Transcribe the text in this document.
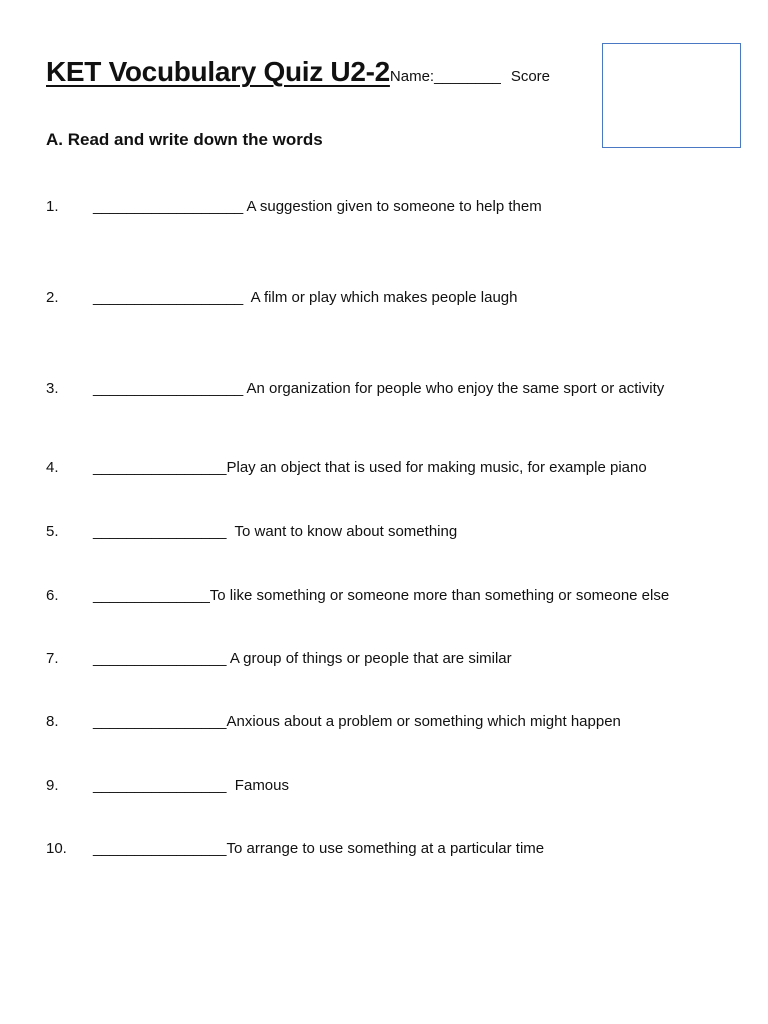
KET Vocubulary Quiz U2-2Name:________ Score
A. Read and write down the words

1.

	__________________ A suggestion given to someone to help them

2.

	__________________  A film or play which makes people laugh

3.

	__________________ An organization for people who enjoy the same sport or activity

4.

	________________Play an object that is used for making music, for example piano

5.

	________________  To want to know about something

6.

	______________To like something or someone more than something or someone else

7.

	________________ A group of things or people that are similar

8.

	________________Anxious about a problem or something which might happen

9.

	________________  Famous

10.

	________________To arrange to use something at a particular time
